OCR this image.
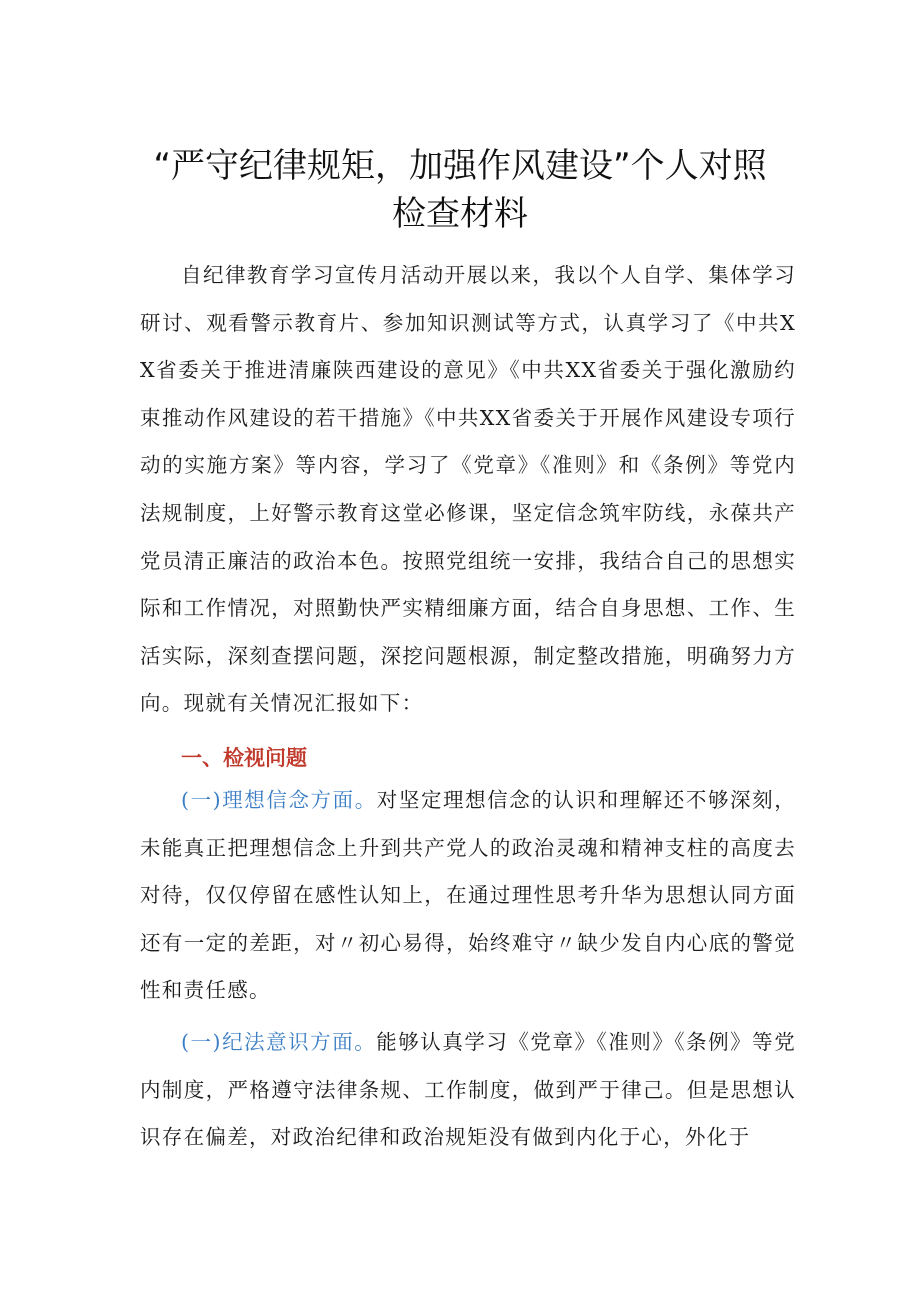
“严守纪律规矩，加强作风建设”个人对照
检查材料

自纪律教育学习宣传月活动开展以来，我以个人自学、集体学习研讨、观看警示教育片、参加知识测试等方式，认真学习了《中共XX省委关于推进清廉陕西建设的意见》《中共XX省委关于强化激励约束推动作风建设的若干措施》《中共XX省委关于开展作风建设专项行动的实施方案》等内容，学习了《党章》《准则》和《条例》等党内法规制度，上好警示教育这堂必修课，坚定信念筑牢防线，永葆共产党员清正廉洁的政治本色。按照党组统一安排，我结合自己的思想实际和工作情况，对照勤快严实精细廉方面，结合自身思想、工作、生活实际，深刻查摆问题，深挖问题根源，制定整改措施，明确努力方向。现就有关情况汇报如下：

一、检视问题

(一)理想信念方面。对坚定理想信念的认识和理解还不够深刻，未能真正把理想信念上升到共产党人的政治灵魂和精神支柱的高度去对待，仅仅停留在感性认知上，在通过理性思考升华为思想认同方面还有一定的差距，对〃初心易得，始终难守〃缺少发自内心底的警觉性和责任感。

(一)纪法意识方面。能够认真学习《党章》《准则》《条例》等党内制度，严格遵守法律条规、工作制度，做到严于律己。但是思想认识存在偏差，对政治纪律和政治规矩没有做到内化于心，外化于
